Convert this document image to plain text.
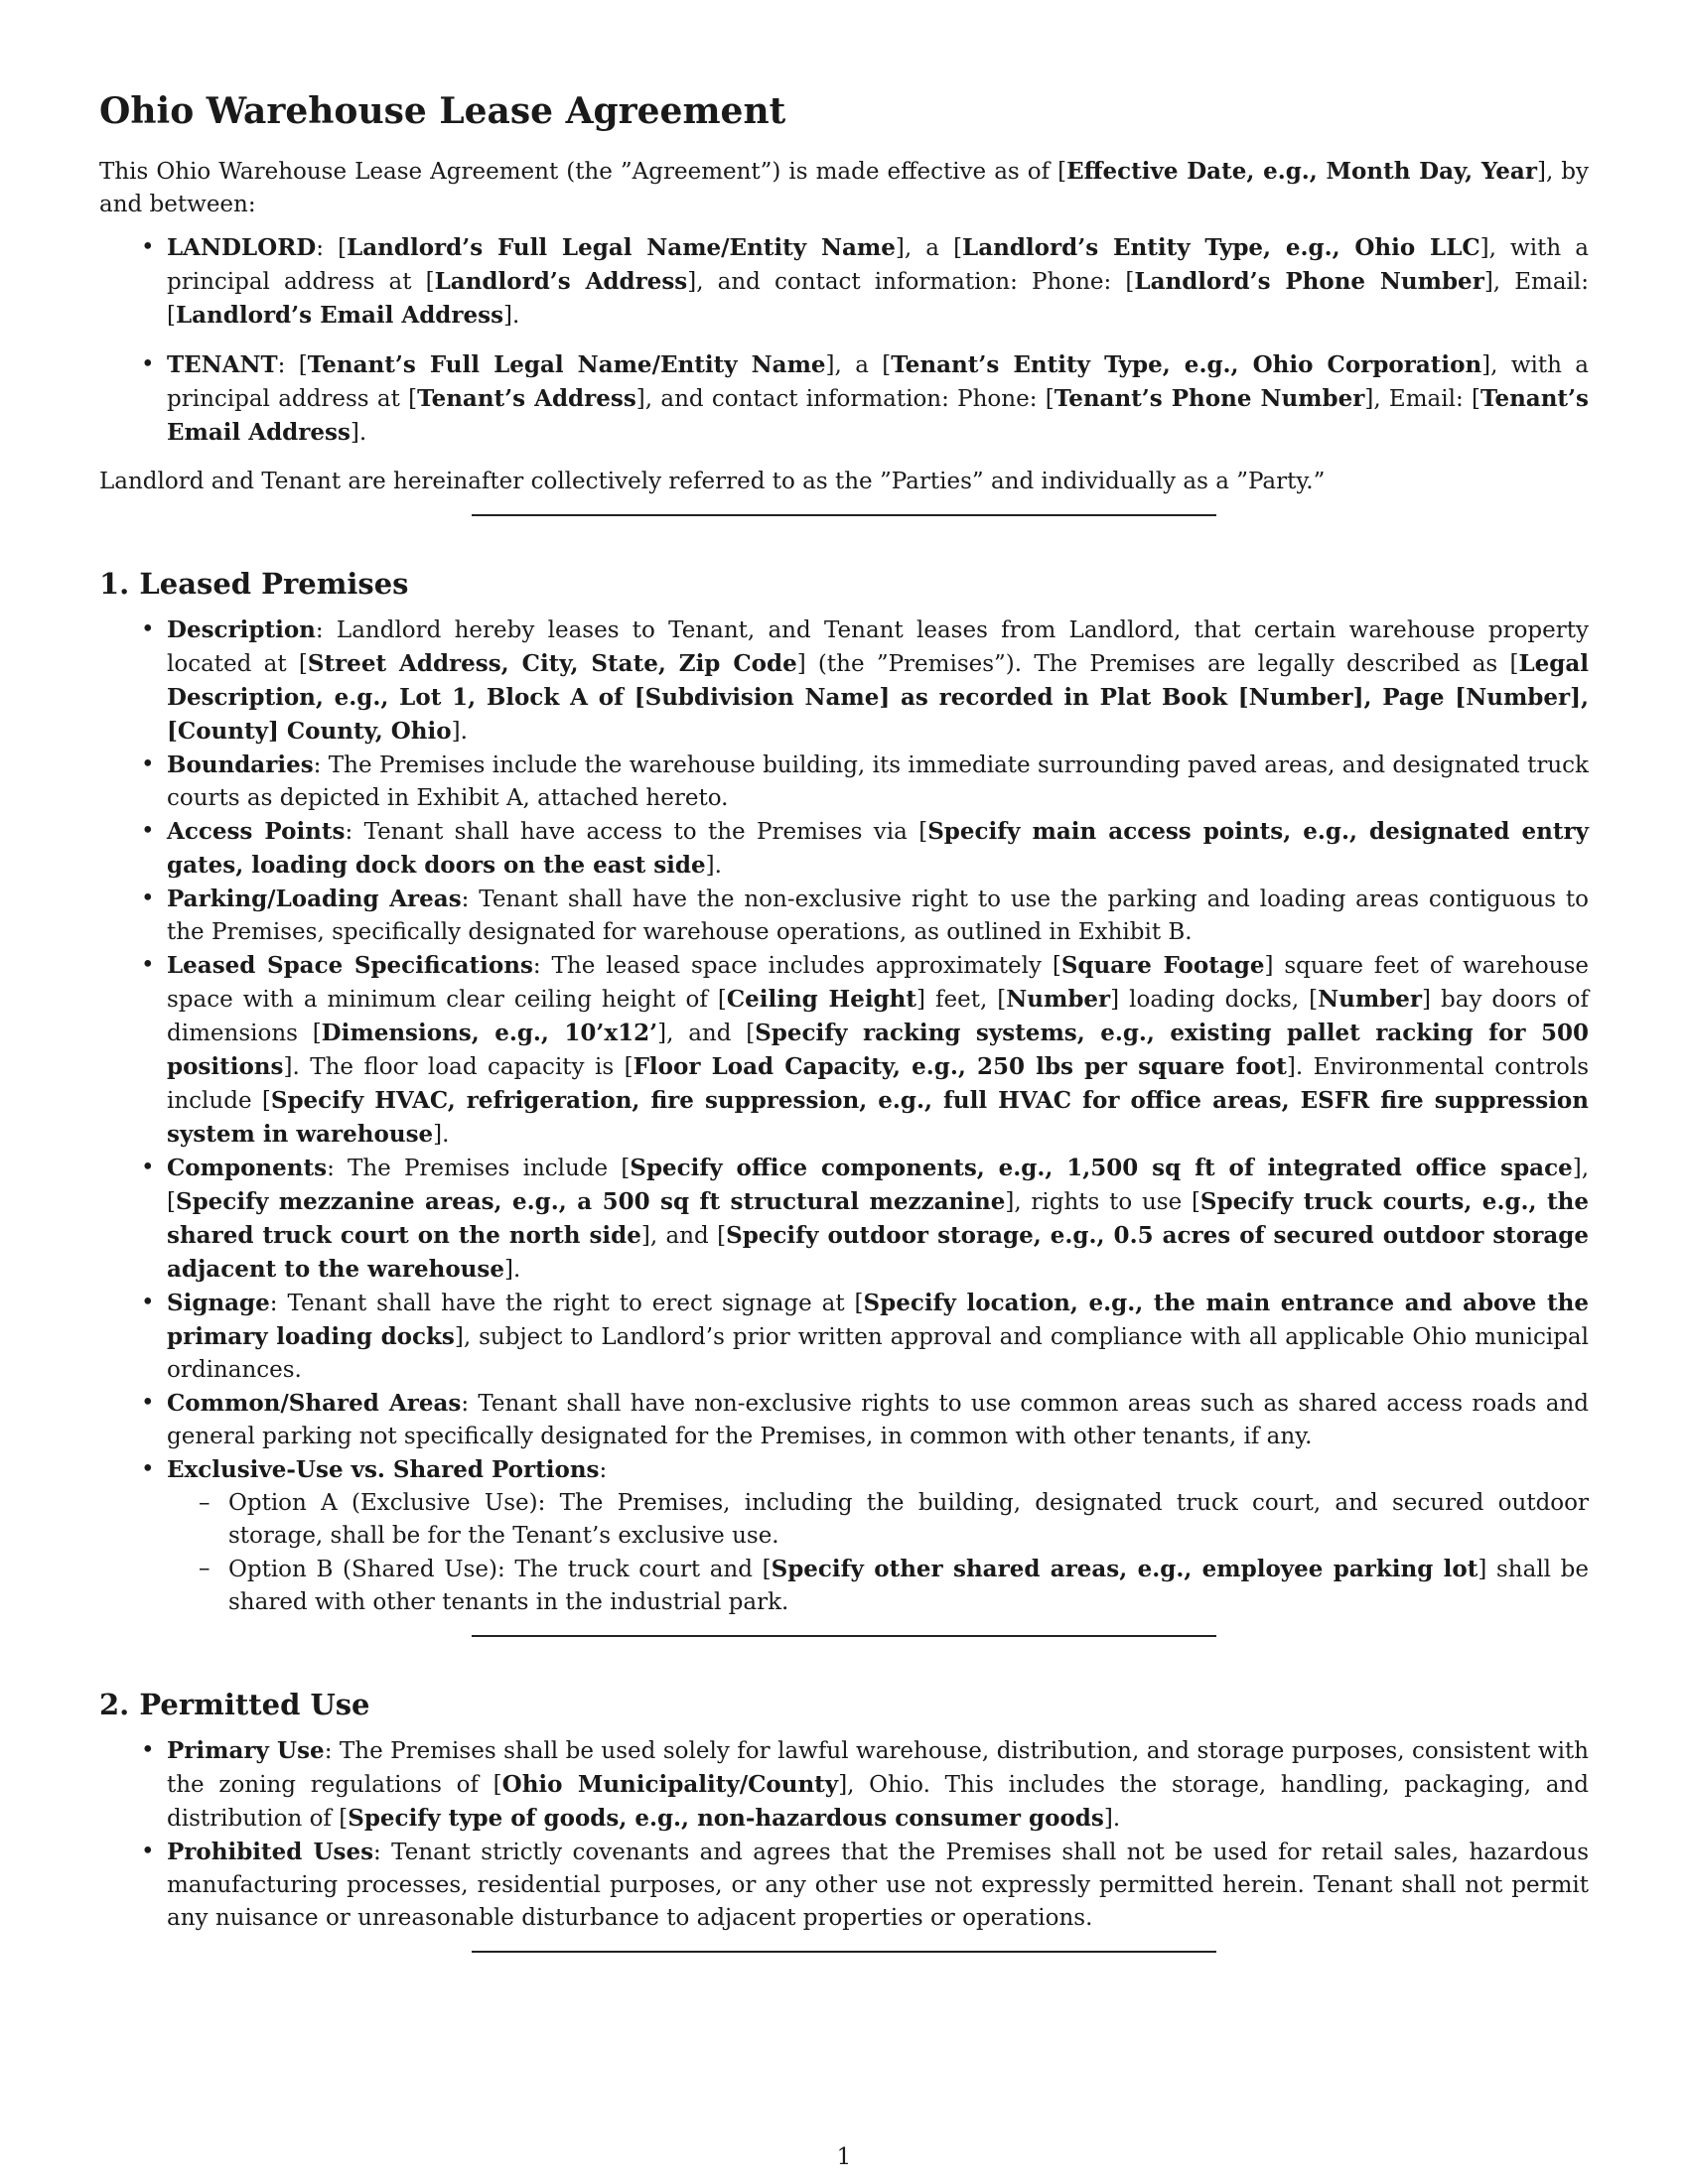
Ohio Warehouse Lease Agreement

This Ohio Warehouse Lease Agreement (the ”Agreement”) is made effective as of [Effective Date, e.g., Month Day, Year], by and between:

• LANDLORD: [Landlord’s Full Legal Name/Entity Name], a [Landlord’s Entity Type, e.g., Ohio LLC], with a principal address at [Landlord’s Address], and contact information: Phone: [Landlord’s Phone Number], Email: [Landlord’s Email Address].
• TENANT: [Tenant’s Full Legal Name/Entity Name], a [Tenant’s Entity Type, e.g., Ohio Corporation], with a principal address at [Tenant’s Address], and contact information: Phone: [Tenant’s Phone Number], Email: [Tenant’s Email Address].

Landlord and Tenant are hereinafter collectively referred to as the ”Parties” and individually as a ”Party.”

1. Leased Premises
• Description: Landlord hereby leases to Tenant, and Tenant leases from Landlord, that certain warehouse property located at [Street Address, City, State, Zip Code] (the ”Premises”). The Premises are legally described as [Legal Description, e.g., Lot 1, Block A of [Subdivision Name] as recorded in Plat Book [Number], Page [Number], [County] County, Ohio].
• Boundaries: The Premises include the warehouse building, its immediate surrounding paved areas, and designated truck courts as depicted in Exhibit A, attached hereto.
• Access Points: Tenant shall have access to the Premises via [Specify main access points, e.g., designated entry gates, loading dock doors on the east side].
• Parking/Loading Areas: Tenant shall have the non-exclusive right to use the parking and loading areas contiguous to the Premises, specifically designated for warehouse operations, as outlined in Exhibit B.
• Leased Space Specifications: The leased space includes approximately [Square Footage] square feet of warehouse space with a minimum clear ceiling height of [Ceiling Height] feet, [Number] loading docks, [Number] bay doors of dimensions [Dimensions, e.g., 10’x12’], and [Specify racking systems, e.g., existing pallet racking for 500 positions]. The floor load capacity is [Floor Load Capacity, e.g., 250 lbs per square foot]. Environmental controls include [Specify HVAC, refrigeration, fire suppression, e.g., full HVAC for office areas, ESFR fire suppression system in warehouse].
• Components: The Premises include [Specify office components, e.g., 1,500 sq ft of integrated office space], [Specify mezzanine areas, e.g., a 500 sq ft structural mezzanine], rights to use [Specify truck courts, e.g., the shared truck court on the north side], and [Specify outdoor storage, e.g., 0.5 acres of secured outdoor storage adjacent to the warehouse].
• Signage: Tenant shall have the right to erect signage at [Specify location, e.g., the main entrance and above the primary loading docks], subject to Landlord’s prior written approval and compliance with all applicable Ohio municipal ordinances.
• Common/Shared Areas: Tenant shall have non-exclusive rights to use common areas such as shared access roads and general parking not specifically designated for the Premises, in common with other tenants, if any.
• Exclusive-Use vs. Shared Portions:
– Option A (Exclusive Use): The Premises, including the building, designated truck court, and secured outdoor storage, shall be for the Tenant’s exclusive use.
– Option B (Shared Use): The truck court and [Specify other shared areas, e.g., employee parking lot] shall be shared with other tenants in the industrial park.
2. Permitted Use
• Primary Use: The Premises shall be used solely for lawful warehouse, distribution, and storage purposes, consistent with the zoning regulations of [Ohio Municipality/County], Ohio. This includes the storage, handling, packaging, and distribution of [Specify type of goods, e.g., non-hazardous consumer goods].
• Prohibited Uses: Tenant strictly covenants and agrees that the Premises shall not be used for retail sales, hazardous manufacturing processes, residential purposes, or any other use not expressly permitted herein. Tenant shall not permit any nuisance or unreasonable disturbance to adjacent properties or operations.
1
